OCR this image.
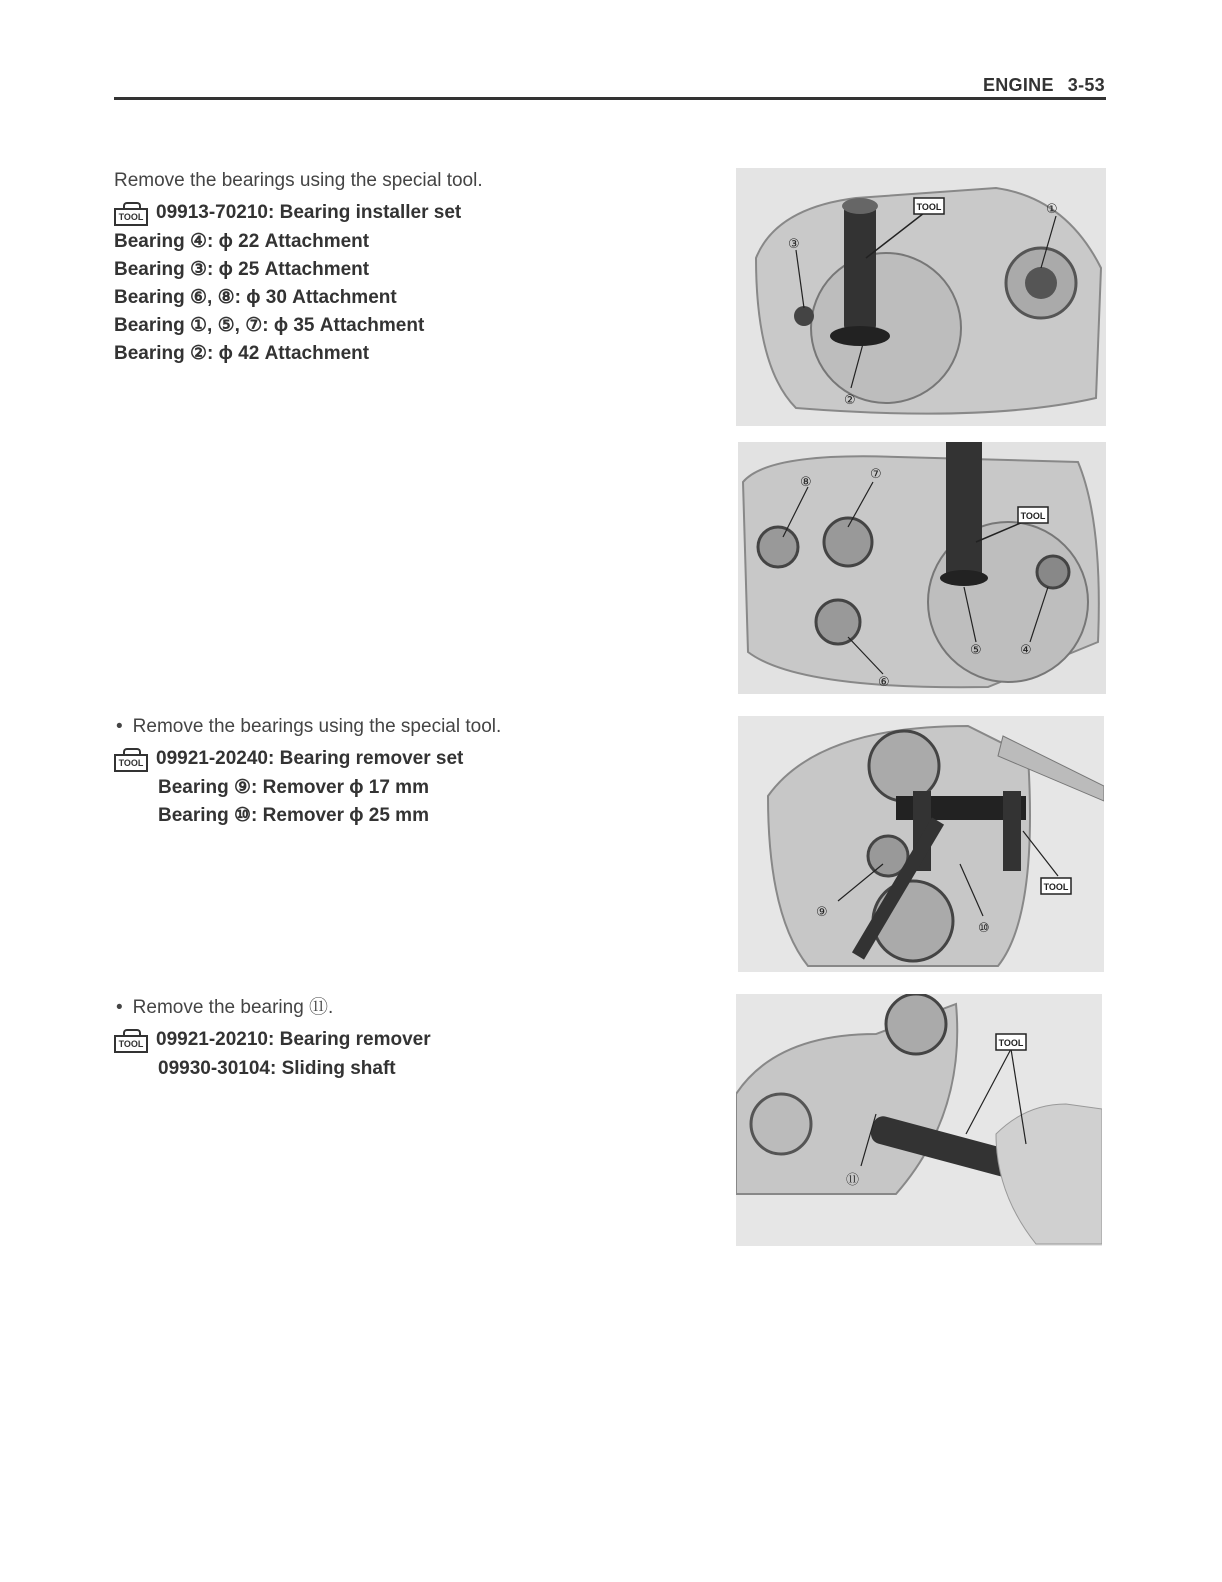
ENGINE 3-53

Remove the bearings using the special tool.

TOOL 09913-70210: Bearing installer set

Bearing ④: ϕ 22 Attachment

Bearing ③: ϕ 25 Attachment

Bearing ⑥, ⑧: ϕ 30 Attachment

Bearing ①, ⑤, ⑦: ϕ 35 Attachment

Bearing ②: ϕ 42 Attachment

• Remove the bearings using the special tool.

TOOL 09921-20240: Bearing remover set

Bearing ⑨: Remover ϕ 17 mm

Bearing ⑩: Remover ϕ 25 mm

• Remove the bearing ⑪.

TOOL 09921-20210: Bearing remover

09930-30104: Sliding shaft

TOOL
③
①
②
TOOL
⑧
⑦
⑤	④
⑥
TOOL
⑨
⑩
TOOL
⑪
